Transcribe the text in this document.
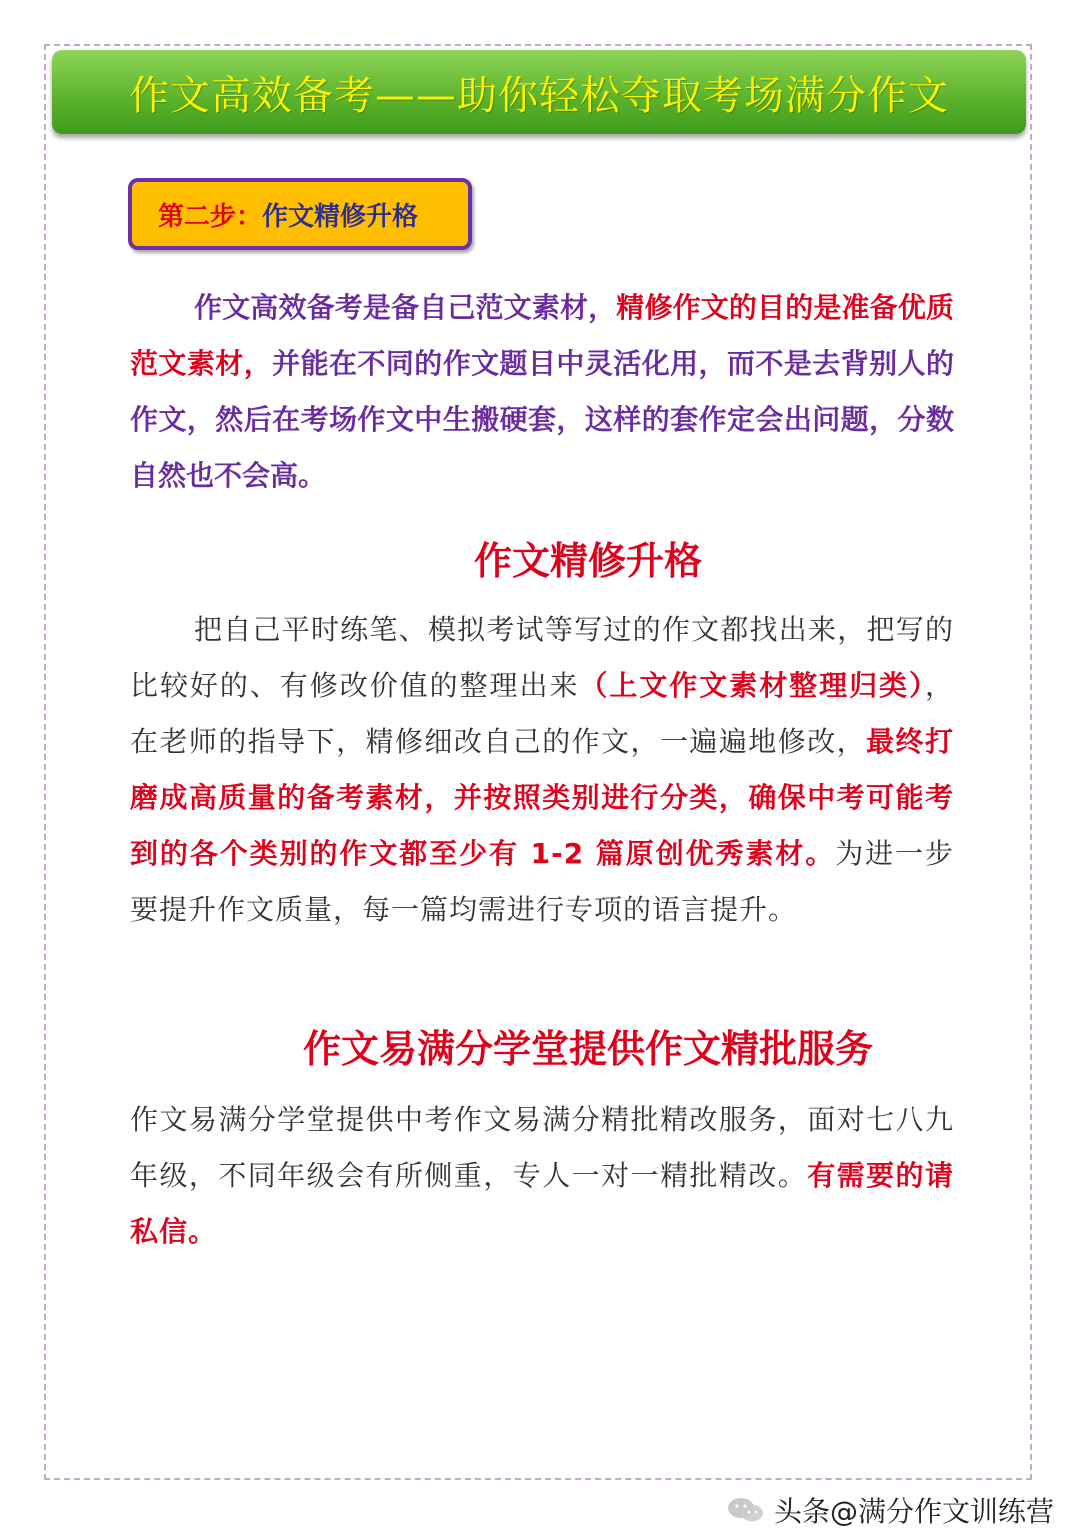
作文高效备考——助你轻松夺取考场满分作文
第二步： 作文精修升格

作文高效备考是备自己范文素材，精修作文的目的是准备优质范文素材，并能在不同的作文题目中灵活化用，而不是去背别人的作文，然后在考场作文中生搬硬套，这样的套作定会出问题，分数自然也不会高。

作文精修升格

把自己平时练笔、模拟考试等写过的作文都找出来，把写的比较好的、有修改价值的整理出来（上文作文素材整理归类），在老师的指导下，精修细改自己的作文，一遍遍地修改，最终打磨成高质量的备考素材，并按照类别进行分类，确保中考可能考到的各个类别的作文都至少有 1-2 篇原创优秀素材。为进一步要提升作文质量，每一篇均需进行专项的语言提升。

作文易满分学堂提供作文精批服务

作文易满分学堂提供中考作文易满分精批精改服务，面对七八九年级，不同年级会有所侧重，专人一对一精批精改。有需要的请私信。

头条@满分作文训练营
